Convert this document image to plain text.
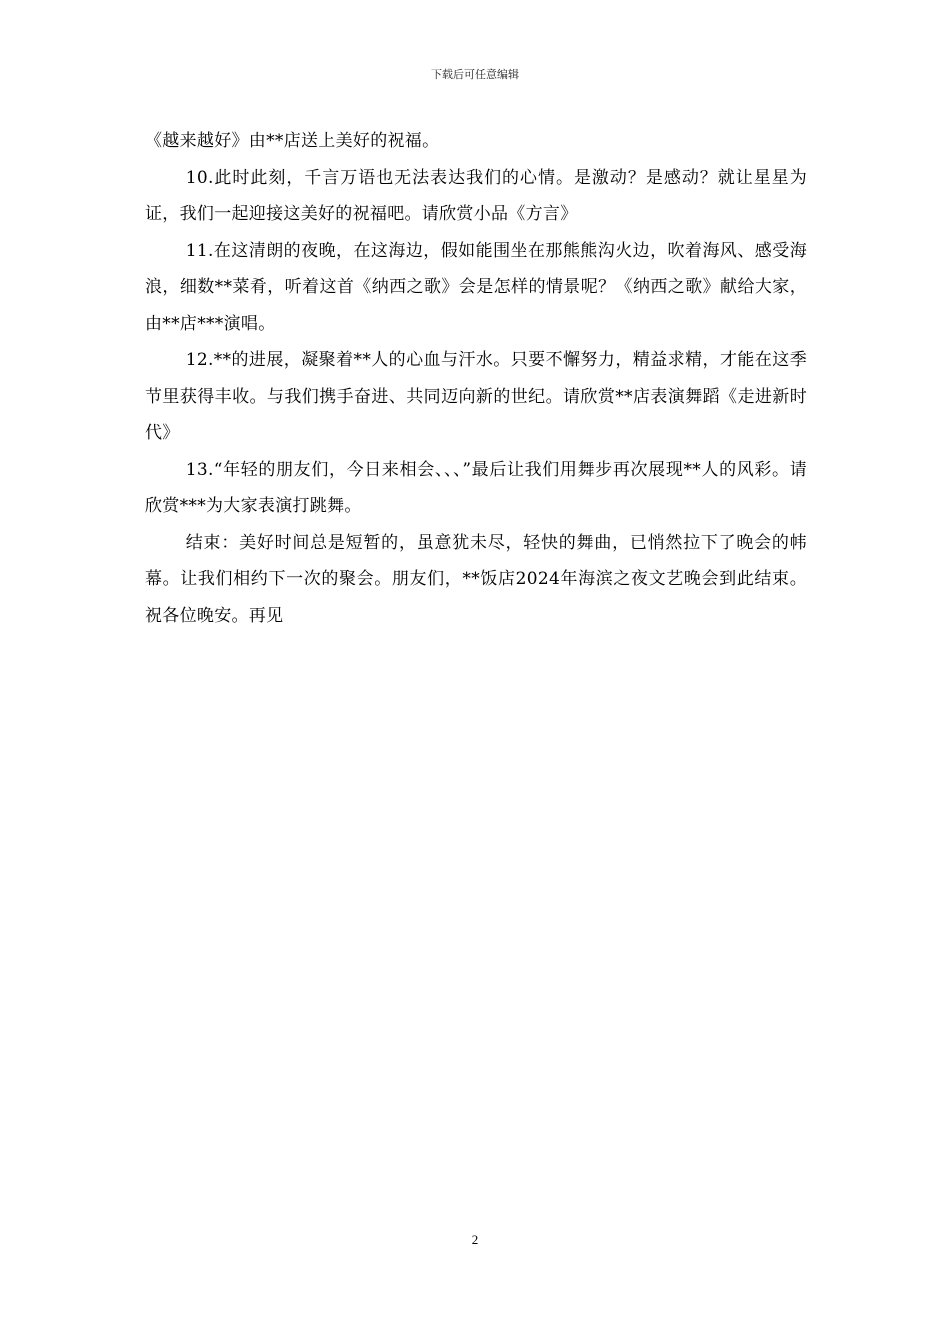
下载后可任意编辑

《越来越好》由**店送上美好的祝福。

10.此时此刻，千言万语也无法表达我们的心情。是激动？是感动？就让星星为证，我们一起迎接这美好的祝福吧。请欣赏小品《方言》

11.在这清朗的夜晚，在这海边，假如能围坐在那熊熊沟火边，吹着海风、感受海浪，细数**菜肴，听着这首《纳西之歌》会是怎样的情景呢？《纳西之歌》献给大家，由**店***演唱。

12.**的进展，凝聚着**人的心血与汗水。只要不懈努力，精益求精，才能在这季节里获得丰收。与我们携手奋进、共同迈向新的世纪。请欣赏**店表演舞蹈《走进新时代》

13.“年轻的朋友们，今日来相会、、、”最后让我们用舞步再次展现**人的风彩。请欣赏***为大家表演打跳舞。

结束：美好时间总是短暂的，虽意犹未尽，轻快的舞曲，已悄然拉下了晚会的帏幕。让我们相约下一次的聚会。朋友们，**饭店2024年海滨之夜文艺晚会到此结束。祝各位晚安。再见

2
